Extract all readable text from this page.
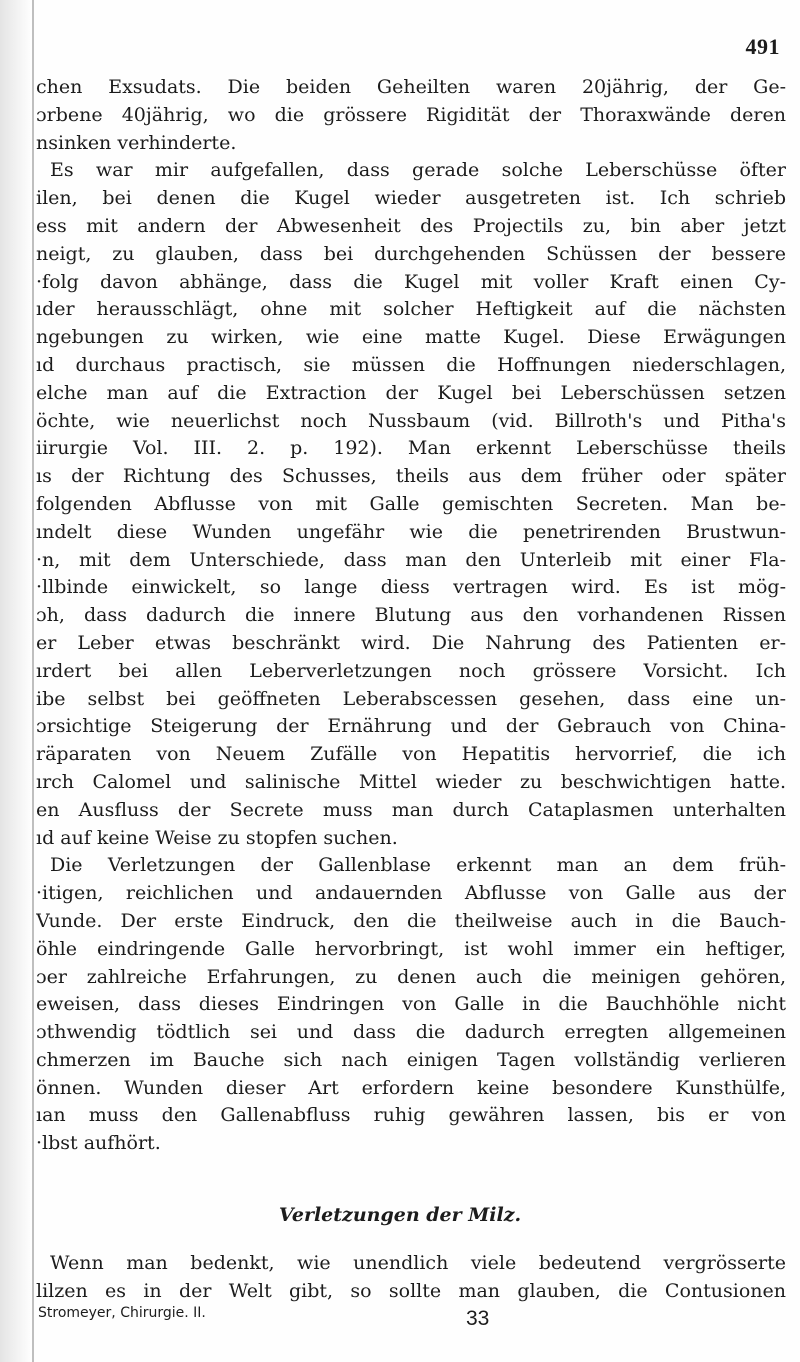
491
chen Exsudats. Die beiden Geheilten waren 20jährig, der Ge-
ɔrbene 40jährig, wo die grössere Rigidität der Thoraxwände deren
nsinken verhinderte.
Es war mir aufgefallen, dass gerade solche Leberschüsse öfter
ilen, bei denen die Kugel wieder ausgetreten ist. Ich schrieb
ess mit andern der Abwesenheit des Projectils zu, bin aber jetzt
neigt, zu glauben, dass bei durchgehenden Schüssen der bessere
·folg davon abhänge, dass die Kugel mit voller Kraft einen Cy-
ıder herausschlägt, ohne mit solcher Heftigkeit auf die nächsten
ngebungen zu wirken, wie eine matte Kugel. Diese Erwägungen
ıd durchaus practisch, sie müssen die Hoffnungen niederschlagen,
elche man auf die Extraction der Kugel bei Leberschüssen setzen
öchte, wie neuerlichst noch Nussbaum (vid. Billroth's und Pitha's
iirurgie Vol. III. 2. p. 192). Man erkennt Leberschüsse theils
ıs der Richtung des Schusses, theils aus dem früher oder später
folgenden Abflusse von mit Galle gemischten Secreten. Man be-
ındelt diese Wunden ungefähr wie die penetrirenden Brustwun-
·n, mit dem Unterschiede, dass man den Unterleib mit einer Fla-
·llbinde einwickelt, so lange diess vertragen wird. Es ist mög-
ɔh, dass dadurch die innere Blutung aus den vorhandenen Rissen
er Leber etwas beschränkt wird. Die Nahrung des Patienten er-
ırdert bei allen Leberverletzungen noch grössere Vorsicht. Ich
ibe selbst bei geöffneten Leberabscessen gesehen, dass eine un-
ɔrsichtige Steigerung der Ernährung und der Gebrauch von China-
räparaten von Neuem Zufälle von Hepatitis hervorrief, die ich
ırch Calomel und salinische Mittel wieder zu beschwichtigen hatte.
en Ausfluss der Secrete muss man durch Cataplasmen unterhalten
ıd auf keine Weise zu stopfen suchen.
Die Verletzungen der Gallenblase erkennt man an dem früh-
·itigen, reichlichen und andauernden Abflusse von Galle aus der
Vunde. Der erste Eindruck, den die theilweise auch in die Bauch-
öhle eindringende Galle hervorbringt, ist wohl immer ein heftiger,
ɔer zahlreiche Erfahrungen, zu denen auch die meinigen gehören,
eweisen, dass dieses Eindringen von Galle in die Bauchhöhle nicht
ɔthwendig tödtlich sei und dass die dadurch erregten allgemeinen
chmerzen im Bauche sich nach einigen Tagen vollständig verlieren
önnen. Wunden dieser Art erfordern keine besondere Kunsthülfe,
ıan muss den Gallenabfluss ruhig gewähren lassen, bis er von
·lbst aufhört.
Verletzungen der Milz.
Wenn man bedenkt, wie unendlich viele bedeutend vergrösserte
lilzen es in der Welt gibt, so sollte man glauben, die Contusionen
Stromeyer, Chirurgie. II.	33
